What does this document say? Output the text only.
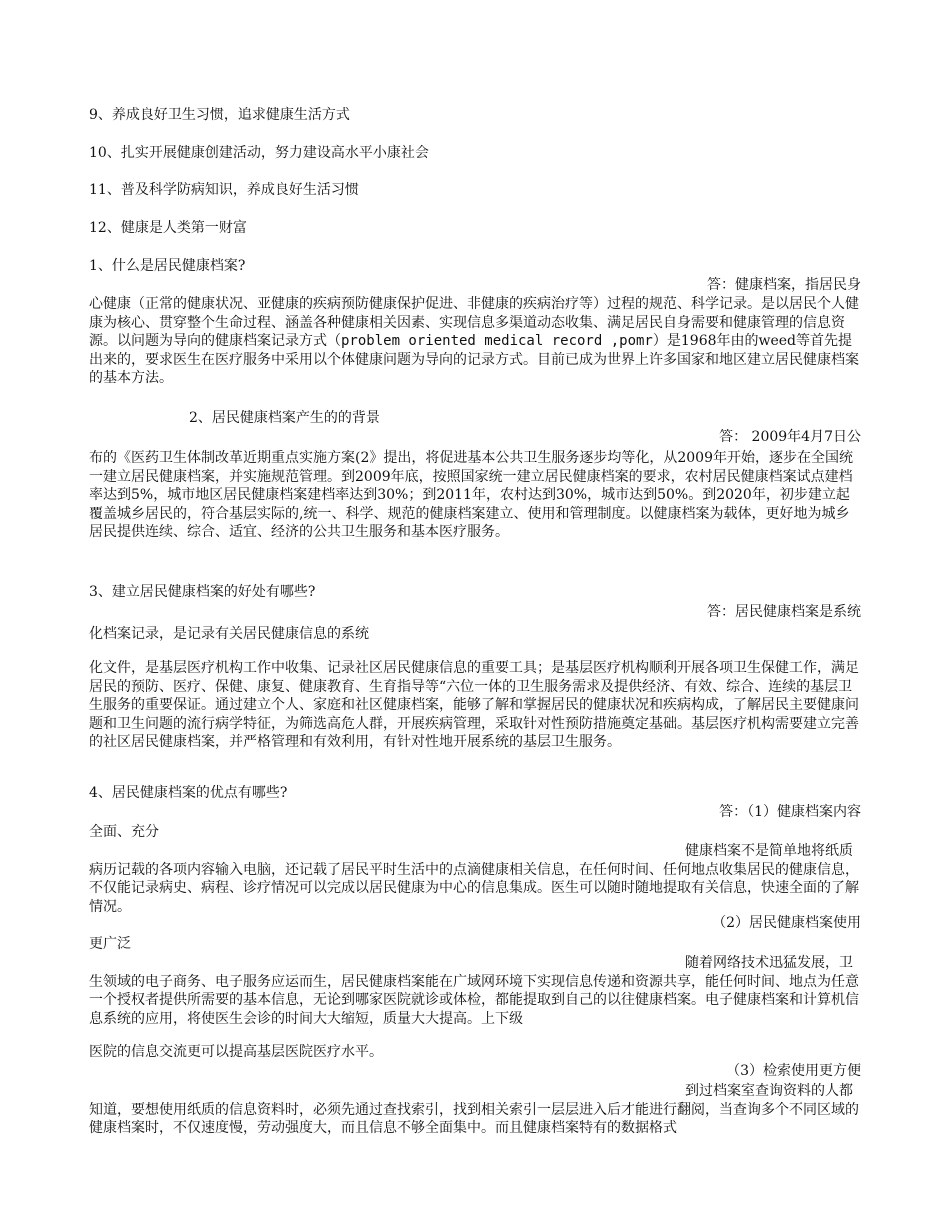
9、养成良好卫生习惯，追求健康生活方式

10、扎实开展健康创建活动，努力建设高水平小康社会

11、普及科学防病知识，养成良好生活习惯

12、健康是人类第一财富

1、什么是居民健康档案?

答：健康档案，指居民身

心健康（正常的健康状况、亚健康的疾病预防健康保护促进、非健康的疾病治疗等）过程的规范、科学记录。是以居民个人健康为核心、贯穿整个生命过程、涵盖各种健康相关因素、实现信息多渠道动态收集、满足居民自身需要和健康管理的信息资源。以问题为导向的健康档案记录方式（problem oriented medical record ,pomr）是1968年由的weed等首先提出来的，要求医生在医疗服务中采用以个体健康问题为导向的记录方式。目前已成为世界上许多国家和地区建立居民健康档案的基本方法。

2、居民健康档案产生的的背景

答： 2009年4月7日公

布的《医药卫生体制改革近期重点实施方案(2》提出，将促进基本公共卫生服务逐步均等化，从2009年开始，逐步在全国统一建立居民健康档案，并实施规范管理。到2009年底，按照国家统一建立居民健康档案的要求，农村居民健康档案试点建档率达到5%，城市地区居民健康档案建档率达到30%；到2011年，农村达到30%，城市达到50%。到2020年，初步建立起覆盖城乡居民的，符合基层实际的,统一、科学、规范的健康档案建立、使用和管理制度。以健康档案为载体，更好地为城乡居民提供连续、综合、适宜、经济的公共卫生服务和基本医疗服务。

3、建立居民健康档案的好处有哪些?

答：居民健康档案是系统

化档案记录，是记录有关居民健康信息的系统

化文件，是基层医疗机构工作中收集、记录社区居民健康信息的重要工具；是基层医疗机构顺利开展各项卫生保健工作，满足居民的预防、医疗、保健、康复、健康教育、生育指导等“六位一体的卫生服务需求及提供经济、有效、综合、连续的基层卫生服务的重要保证。通过建立个人、家庭和社区健康档案，能够了解和掌握居民的健康状况和疾病构成，了解居民主要健康问题和卫生问题的流行病学特征，为筛选高危人群，开展疾病管理，采取针对性预防措施奠定基础。基层医疗机构需要建立完善的社区居民健康档案，并严格管理和有效利用，有针对性地开展系统的基层卫生服务。

4、居民健康档案的优点有哪些?

答：（1）健康档案内容

全面、充分

健康档案不是简单地将纸质病历记载的各项内容输入电脑，还记载了居民平时生活中的点滴健康相关信息，在任何时间、任何地点收集居民的健康信息，不仅能记录病史、病程、诊疗情况可以完成以居民健康为中心的信息集成。医生可以随时随地提取有关信息，快速全面的了解情况。

（2）居民健康档案使用

更广泛

随着网络技术迅猛发展，卫生领域的电子商务、电子服务应运而生，居民健康档案能在广域网环境下实现信息传递和资源共享，能任何时间、地点为任意一个授权者提供所需要的基本信息，无论到哪家医院就诊或体检，都能提取到自己的以往健康档案。电子健康档案和计算机信息系统的应用，将使医生会诊的时间大大缩短，质量大大提高。上下级

医院的信息交流更可以提高基层医院医疗水平。

（3）检索使用更方便

到过档案室查询资料的人都知道，要想使用纸质的信息资料时，必须先通过查找索引，找到相关索引一层层进入后才能进行翻阅，当查询多个不同区域的健康档案时，不仅速度慢，劳动强度大，而且信息不够全面集中。而且健康档案特有的数据格式
